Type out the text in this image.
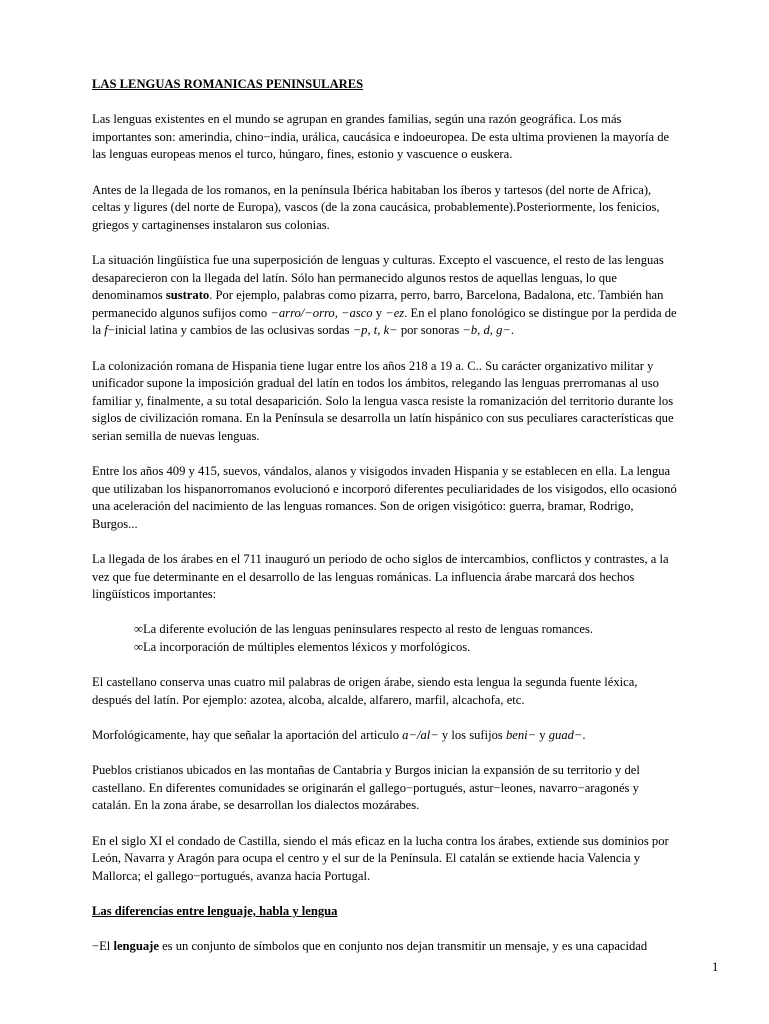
LAS LENGUAS ROMANICAS PENINSULARES

Las lenguas existentes en el mundo se agrupan en grandes familias, según una razón geográfica. Los más importantes son: amerindia, chino−india, urálica, caucásica e indoeuropea. De esta ultima provienen la mayoría de las lenguas europeas menos el turco, húngaro, fines, estonio y vascuence o euskera.

Antes de la llegada de los romanos, en la península Ibérica habitaban los íberos y tartesos (del norte de Africa), celtas y ligures (del norte de Europa), vascos (de la zona caucásica, probablemente).Posteriormente, los fenicios, griegos y cartaginenses instalaron sus colonias.

La situación lingüística fue una superposición de lenguas y culturas. Excepto el vascuence, el resto de las lenguas desaparecieron con la llegada del latín. Sólo han permanecido algunos restos de aquellas lenguas, lo que denominamos sustrato. Por ejemplo, palabras como pizarra, perro, barro, Barcelona, Badalona, etc. También han permanecido algunos sufijos como −arro/−orro, −asco y −ez. En el plano fonológico se distingue por la perdida de la f−inicial latina y cambios de las oclusivas sordas −p, t, k− por sonoras −b, d, g−.

La colonización romana de Hispania tiene lugar entre los años 218 a 19 a. C.. Su carácter organizativo militar y unificador supone la imposición gradual del latín en todos los ámbitos, relegando las lenguas prerromanas al uso familiar y, finalmente, a su total desaparición. Solo la lengua vasca resiste la romanización del territorio durante los siglos de civilización romana. En la Península se desarrolla un latín hispánico con sus peculiares características que serian semilla de nuevas lenguas.

Entre los años 409 y 415, suevos, vándalos, alanos y visigodos invaden Hispania y se establecen en ella. La lengua que utilizaban los hispanorromanos evolucionó e incorporó diferentes peculiaridades de los visigodos, ello ocasionó una aceleración del nacimiento de las lenguas romances. Son de origen visigótico: guerra, bramar, Rodrigo, Burgos...

La llegada de los árabes en el 711 inauguró un periodo de ocho siglos de intercambios, conflictos y contrastes, a la vez que fue determinante en el desarrollo de las lenguas románicas. La influencia árabe marcará dos hechos lingüísticos importantes:

∞La diferente evolución de las lenguas peninsulares respecto al resto de lenguas romances.

∞La incorporación de múltiples elementos léxicos y morfológicos.

El castellano conserva unas cuatro mil palabras de origen árabe, siendo esta lengua la segunda fuente léxica, después del latín. Por ejemplo: azotea, alcoba, alcalde, alfarero, marfil, alcachofa, etc.

Morfológicamente, hay que señalar la aportación del articulo a−/al− y los sufijos beni− y guad−.

Pueblos cristianos ubicados en las montañas de Cantabria y Burgos inician la expansión de su territorio y del castellano. En diferentes comunidades se originarán el gallego−portugués, astur−leones, navarro−aragonés y catalán. En la zona árabe, se desarrollan los dialectos mozárabes.

En el siglo XI el condado de Castilla, siendo el más eficaz en la lucha contra los árabes, extiende sus dominios por León, Navarra y Aragón para ocupa el centro y el sur de la Península. El catalán se extiende hacia Valencia y Mallorca; el gallego−portugués, avanza hacia Portugal.

Las diferencias entre lenguaje, habla y lengua

−El lenguaje es un conjunto de símbolos que en conjunto nos dejan transmitir un mensaje, y es una capacidad

1
